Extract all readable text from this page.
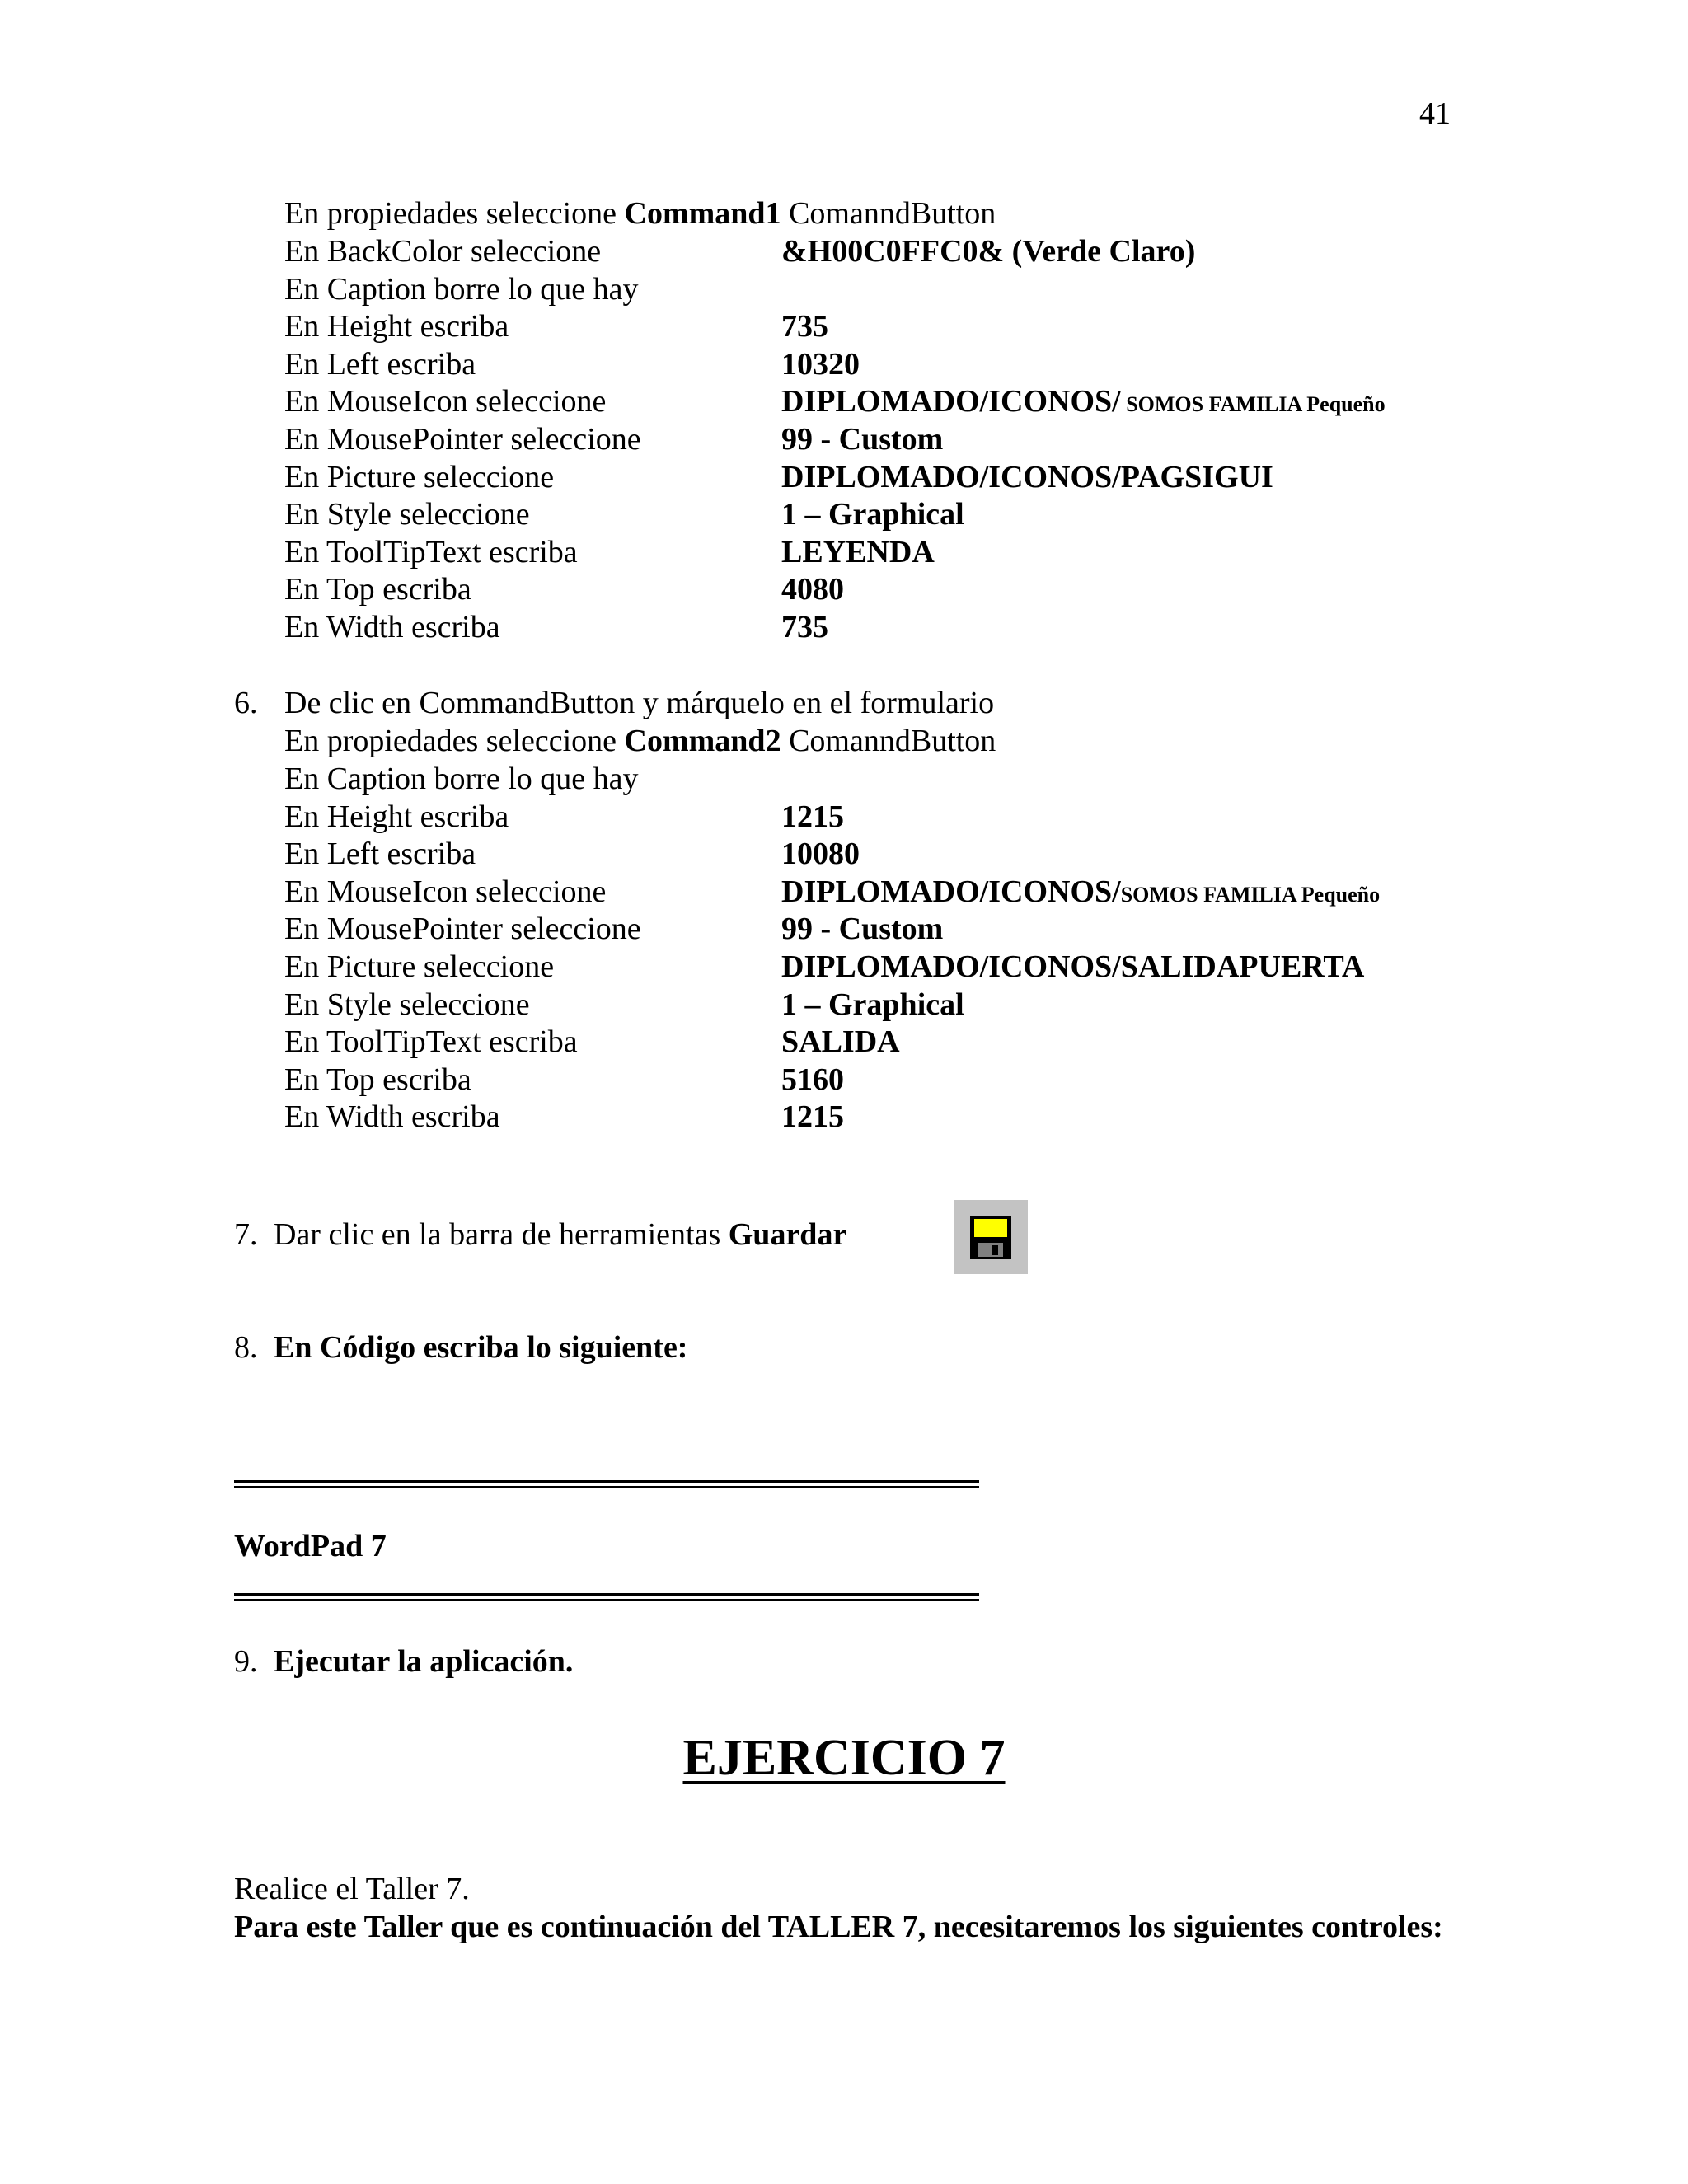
41
En propiedades seleccione Command1 ComanndButton
En BackColor seleccione	&H00C0FFC0& (Verde Claro)
En Caption borre lo que hay
En Height escriba	735
En Left escriba	10320
En MouseIcon seleccione	DIPLOMADO/ICONOS/ SOMOS FAMILIA Pequeño
En MousePointer seleccione	99 - Custom
En Picture seleccione	DIPLOMADO/ICONOS/PAGSIGUI
En Style seleccione	1 – Graphical
En ToolTipText escriba	LEYENDA
En Top escriba	4080
En Width escriba	735
6. De clic en CommandButton y márquelo en el formulario
En propiedades seleccione Command2 ComanndButton
En Caption borre lo que hay
En Height escriba	1215
En Left escriba	10080
En MouseIcon seleccione	DIPLOMADO/ICONOS/SOMOS FAMILIA Pequeño
En MousePointer seleccione	99 - Custom
En Picture seleccione	DIPLOMADO/ICONOS/SALIDAPUERTA
En Style seleccione	1 – Graphical
En ToolTipText escriba	SALIDA
En Top escriba	5160
En Width escriba	1215
7. Dar clic en la barra de herramientas Guardar
8. En Código escriba lo siguiente:
WordPad 7
9. Ejecutar la aplicación.
EJERCICIO 7
Realice el Taller 7.
Para este Taller que es continuación del TALLER 7, necesitaremos los siguientes controles:
